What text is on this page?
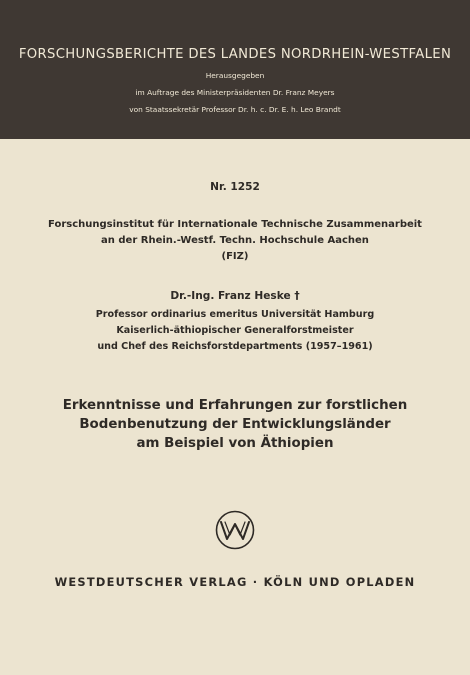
FORSCHUNGSBERICHTE DES LANDES NORDRHEIN-WESTFALEN
Herausgegeben
im Auftrage des Ministerpräsidenten Dr. Franz Meyers
von Staatssekretär Professor Dr. h. c. Dr. E. h. Leo Brandt
Nr. 1252
Forschungsinstitut für Internationale Technische Zusammenarbeit
an der Rhein.-Westf. Techn. Hochschule Aachen
(FIZ)
Dr.-Ing. Franz Heske †
Professor ordinarius emeritus Universität Hamburg
Kaiserlich-äthiopischer Generalforstmeister
und Chef des Reichsforstdepartments (1957–1961)
Erkenntnisse und Erfahrungen zur forstlichen
Bodenbenutzung der Entwicklungsländer
am Beispiel von Äthiopien
WESTDEUTSCHER VERLAG · KÖLN UND OPLADEN
